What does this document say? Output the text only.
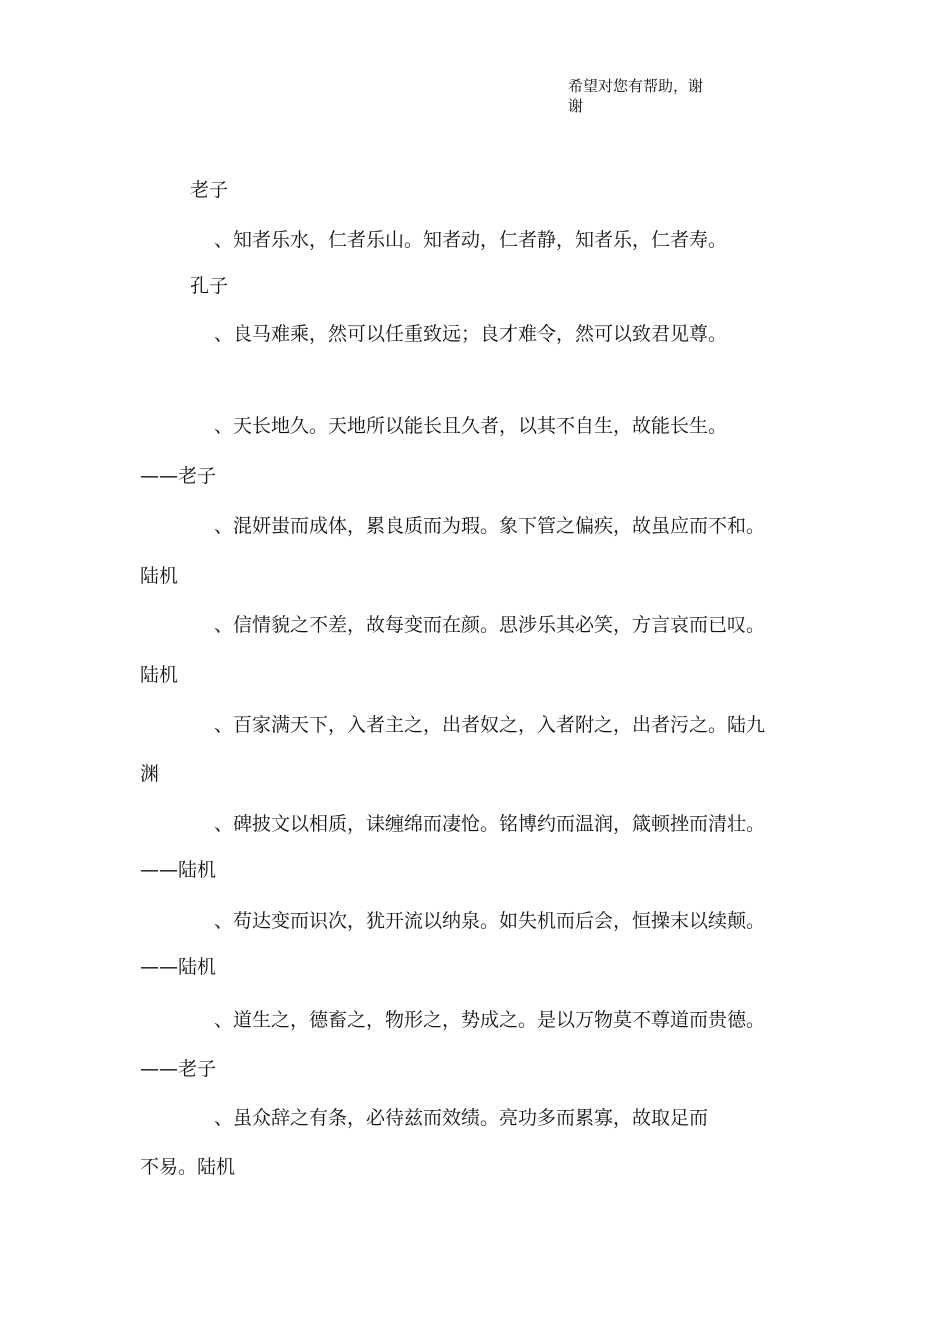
希望对您有帮助，谢
谢
老子
、知者乐水，仁者乐山。知者动，仁者静，知者乐，仁者寿。
孔子
、良马难乘，然可以任重致远；良才难令，然可以致君见尊。
、天长地久。天地所以能长且久者，以其不自生，故能长生。
——老子
、混妍蚩而成体，累良质而为瑕。象下管之偏疾，故虽应而不和。
陆机
、信情貌之不差，故每变而在颜。思涉乐其必笑，方言哀而已叹。
陆机
、百家满天下，入者主之，出者奴之，入者附之，出者污之。陆九
渊
、碑披文以相质，诔缠绵而凄怆。铭博约而温润，箴顿挫而清壮。
——陆机
、苟达变而识次，犹开流以纳泉。如失机而后会，恒操末以续颠。
——陆机
、道生之，德畜之，物形之，势成之。是以万物莫不尊道而贵德。
——老子
、虽众辞之有条，必待兹而效绩。亮功多而累寡，故取足而
不易。陆机
